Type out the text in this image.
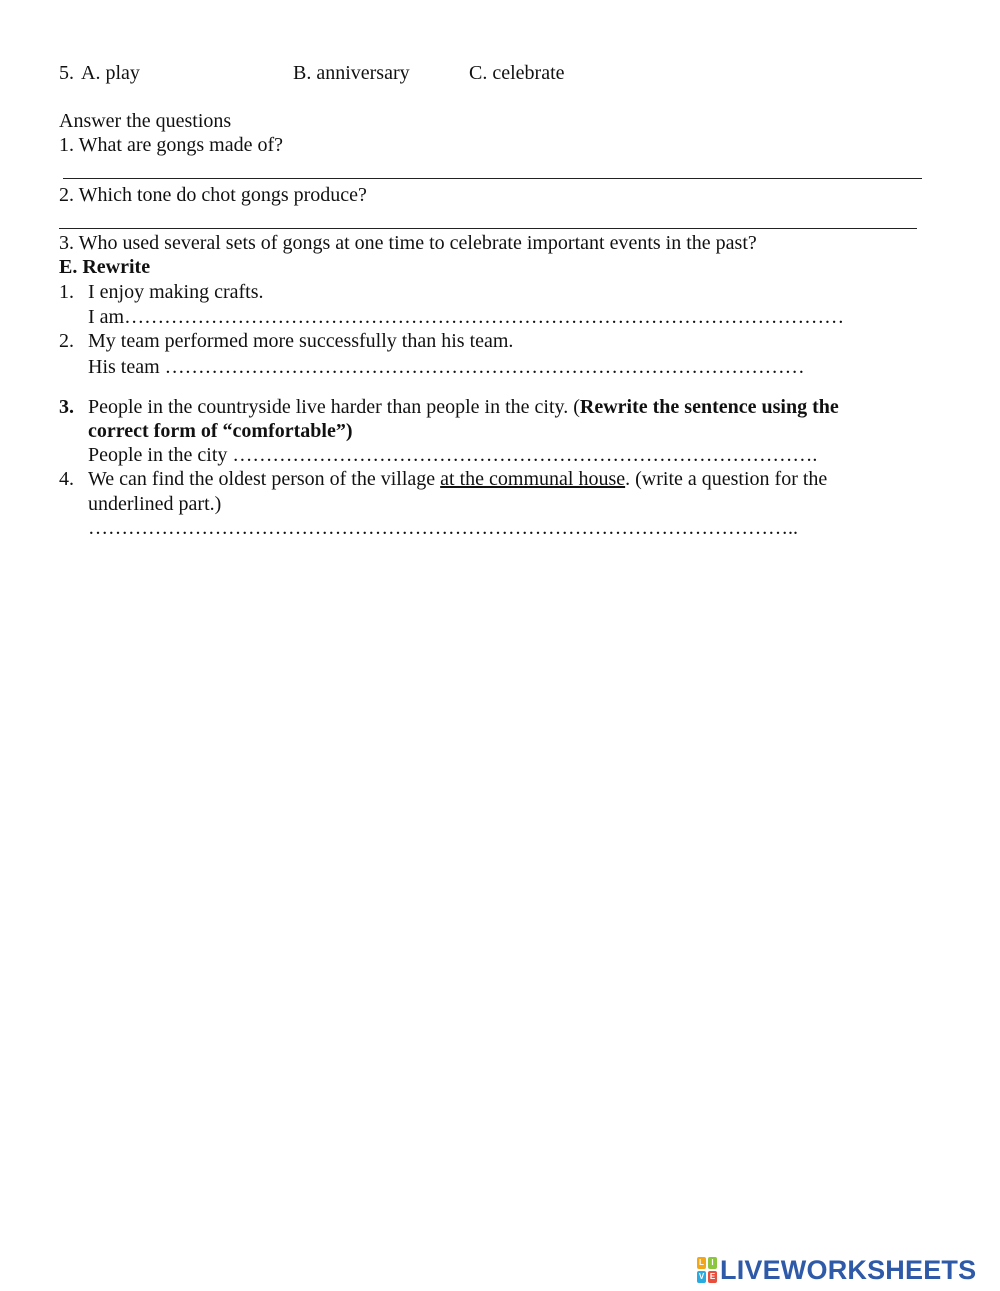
5. A. play	B. anniversary	C. celebrate
Answer the questions
1. What are gongs made of?
2. Which tone do chot gongs produce?
3. Who used several sets of gongs at one time to celebrate important events in the past?
E. Rewrite
1. I enjoy making crafts.
I am………………………………………………………………………………………………
2. My team performed more successfully than his team.
His team ……………………………………………………………………………………
3. People in the countryside live harder than people in the city. (Rewrite the sentence using the
correct form of “comfortable”)
People in the city …………………………………………………………………………….
4. We can find the oldest person of the village at the communal house. (write a question for the
underlined part.)
……………………………………………………………………………………………..
L I
V E LIVEWORKSHEETS
